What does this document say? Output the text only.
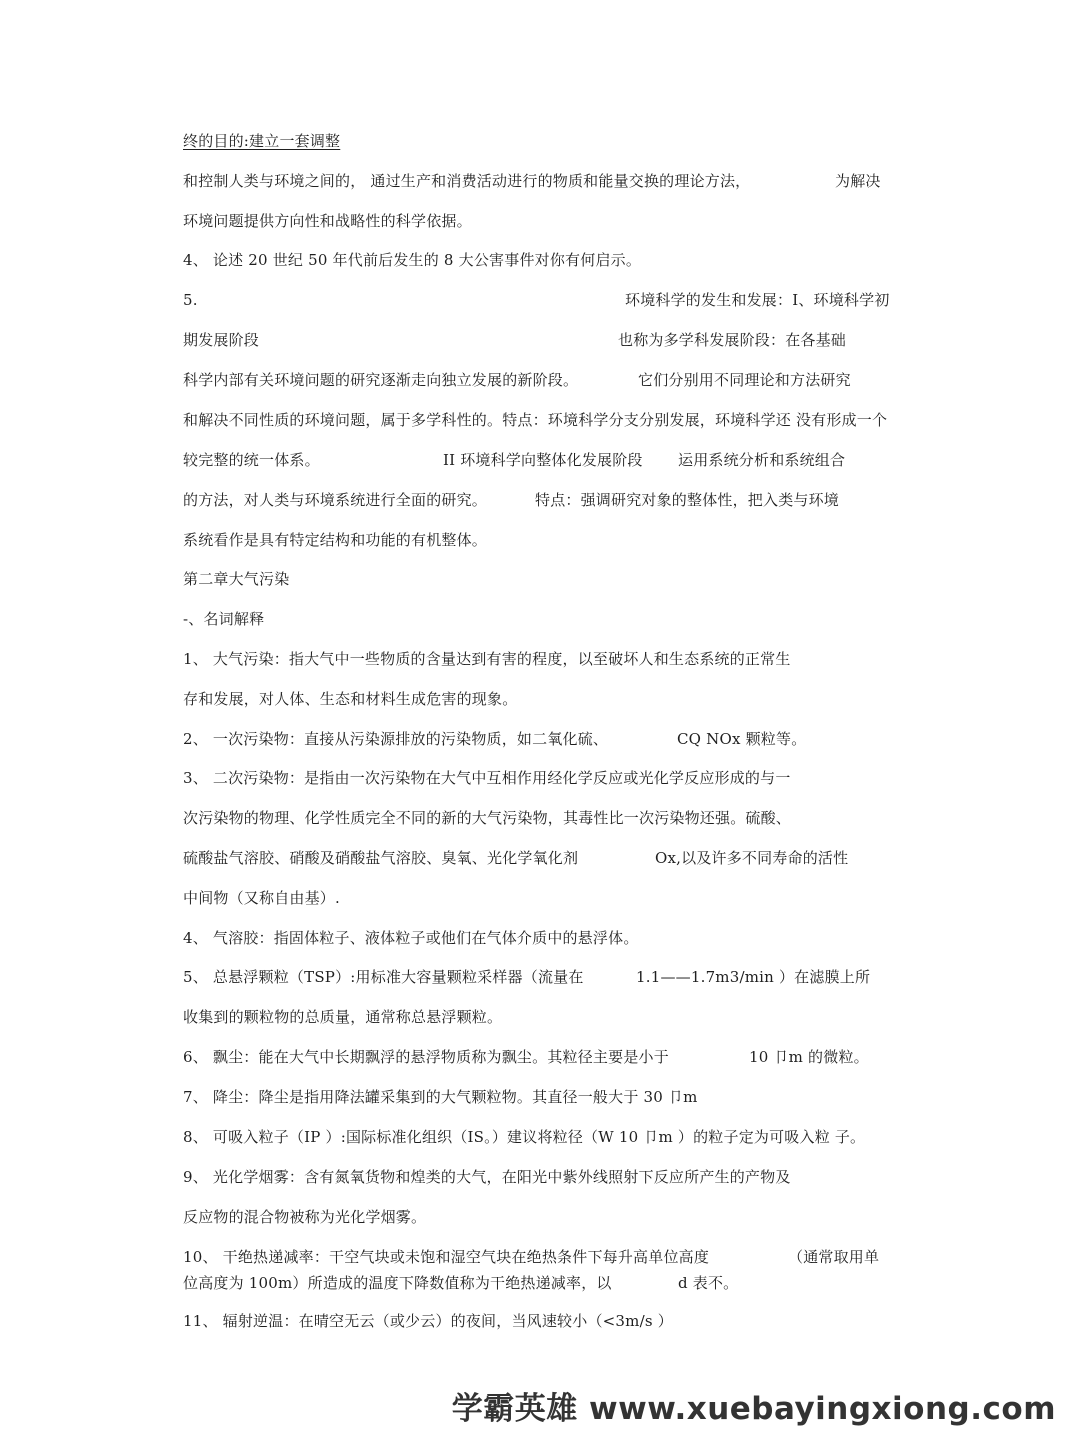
终的目的:建立一套调整
和控制人类与环境之间的， 通过生产和消费活动进行的物质和能量交换的理论方法，	为解决
环境问题提供方向性和战略性的科学依据。
4、 论述 20 世纪 50 年代前后发生的 8 大公害事件对你有何启示。
5.	环境科学的发生和发展：I、环境科学初
期发展阶段	也称为多学科发展阶段：在各基础
科学内部有关环境问题的研究逐渐走向独立发展的新阶段。	它们分别用不同理论和方法研究
和解决不同性质的环境问题，属于多学科性的。特点：环境科学分支分别发展，环境科学还 没有形成一个
较完整的统一体系。	II 环境科学向整体化发展阶段 运用系统分析和系统组合
的方法，对人类与环境系统进行全面的研究。	特点：强调研究对象的整体性，把入类与环境
系统看作是具有特定结构和功能的有机整体。
第二章大气污染
-、名词解释
1、 大气污染：指大气中一些物质的含量达到有害的程度，以至破坏人和生态系统的正常生
存和发展，对人体、生态和材料生成危害的现象。
2、 一次污染物：直接从污染源排放的污染物质，如二氧化硫、	CQ NOx 颗粒等。
3、 二次污染物：是指由一次污染物在大气中互相作用经化学反应或光化学反应形成的与一
次污染物的物理、化学性质完全不同的新的大气污染物，其毒性比一次污染物还强。硫酸、
硫酸盐气溶胶、硝酸及硝酸盐气溶胶、臭氧、光化学氧化剂	Ox,以及许多不同寿命的活性
中间物（又称自由基）.
4、 气溶胶：指固体粒子、液体粒子或他们在气体介质中的悬浮体。
5、 总悬浮颗粒（TSP）:用标准大容量颗粒采样器（流量在	1.1——1.7m3/min ）在滤膜上所
收集到的颗粒物的总质量，通常称总悬浮颗粒。
6、 飘尘：能在大气中长期飘浮的悬浮物质称为飘尘。其粒径主要是小于	10 卩m 的微粒。
7、 降尘：降尘是指用降法罐采集到的大气颗粒物。其直径一般大于 30 卩m
8、 可吸入粒子（IP ）:国际标准化组织（IS。）建议将粒径（W 10 卩m ）的粒子定为可吸入粒 子。
9、 光化学烟雾：含有氮氧货物和煌类的大气，在阳光中紫外线照射下反应所产生的产物及
反应物的混合物被称为光化学烟雾。
10、 干绝热递减率：干空气块或未饱和湿空气块在绝热条件下每升高单位高度	（通常取用单
位高度为 100m）所造成的温度下降数值称为干绝热递减率，以	d 表不。
11、 辐射逆温：在晴空无云（或少云）的夜间，当风速较小（<3m/s ）
学霸英雄 www.xuebayingxiong.com
